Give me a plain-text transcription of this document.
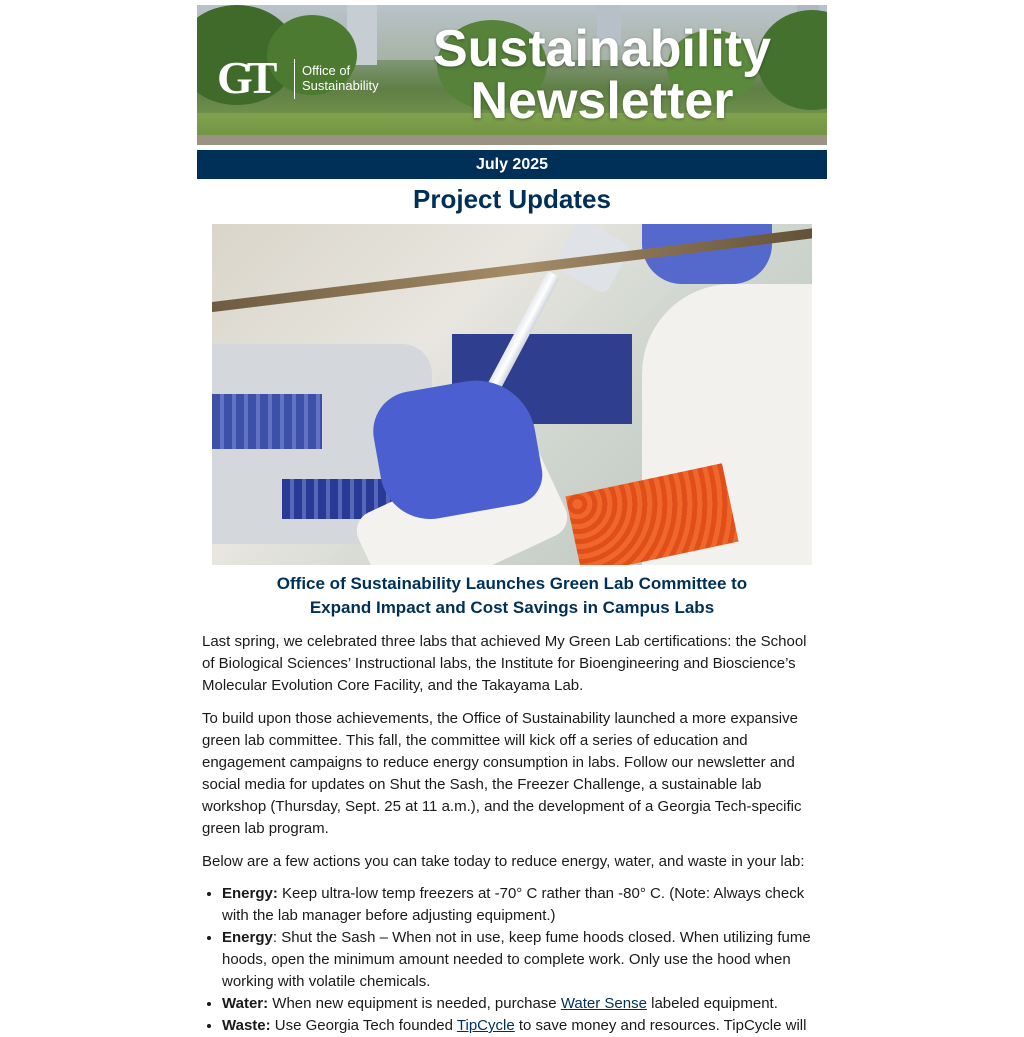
GT Office of
Sustainability
Sustainability
Newsletter
July 2025
Project Updates
Office of Sustainability Launches Green Lab Committee to
Expand Impact and Cost Savings in Campus Labs

Last spring, we celebrated three labs that achieved My Green Lab certifications: the School of Biological Sciences’ Instructional labs, the Institute for Bioengineering and Bioscience’s Molecular Evolution Core Facility, and the Takayama Lab.

To build upon those achievements, the Office of Sustainability launched a more expansive green lab committee. This fall, the committee will kick off a series of education and engagement campaigns to reduce energy consumption in labs. Follow our newsletter and social media for updates on Shut the Sash, the Freezer Challenge, a sustainable lab workshop (Thursday, Sept. 25 at 11 a.m.), and the development of a Georgia Tech-specific green lab program.

Below are a few actions you can take today to reduce energy, water, and waste in your lab:

• Energy: Keep ultra-low temp freezers at -70° C rather than -80° C. (Note: Always check with the lab manager before adjusting equipment.)
• Energy: Shut the Sash – When not in use, keep fume hoods closed. When utilizing fume hoods, open the minimum amount needed to complete work. Only use the hood when working with volatile chemicals.
• Water: When new equipment is needed, purchase Water Sense labeled equipment.
• Waste: Use Georgia Tech founded TipCycle to save money and resources. TipCycle will
